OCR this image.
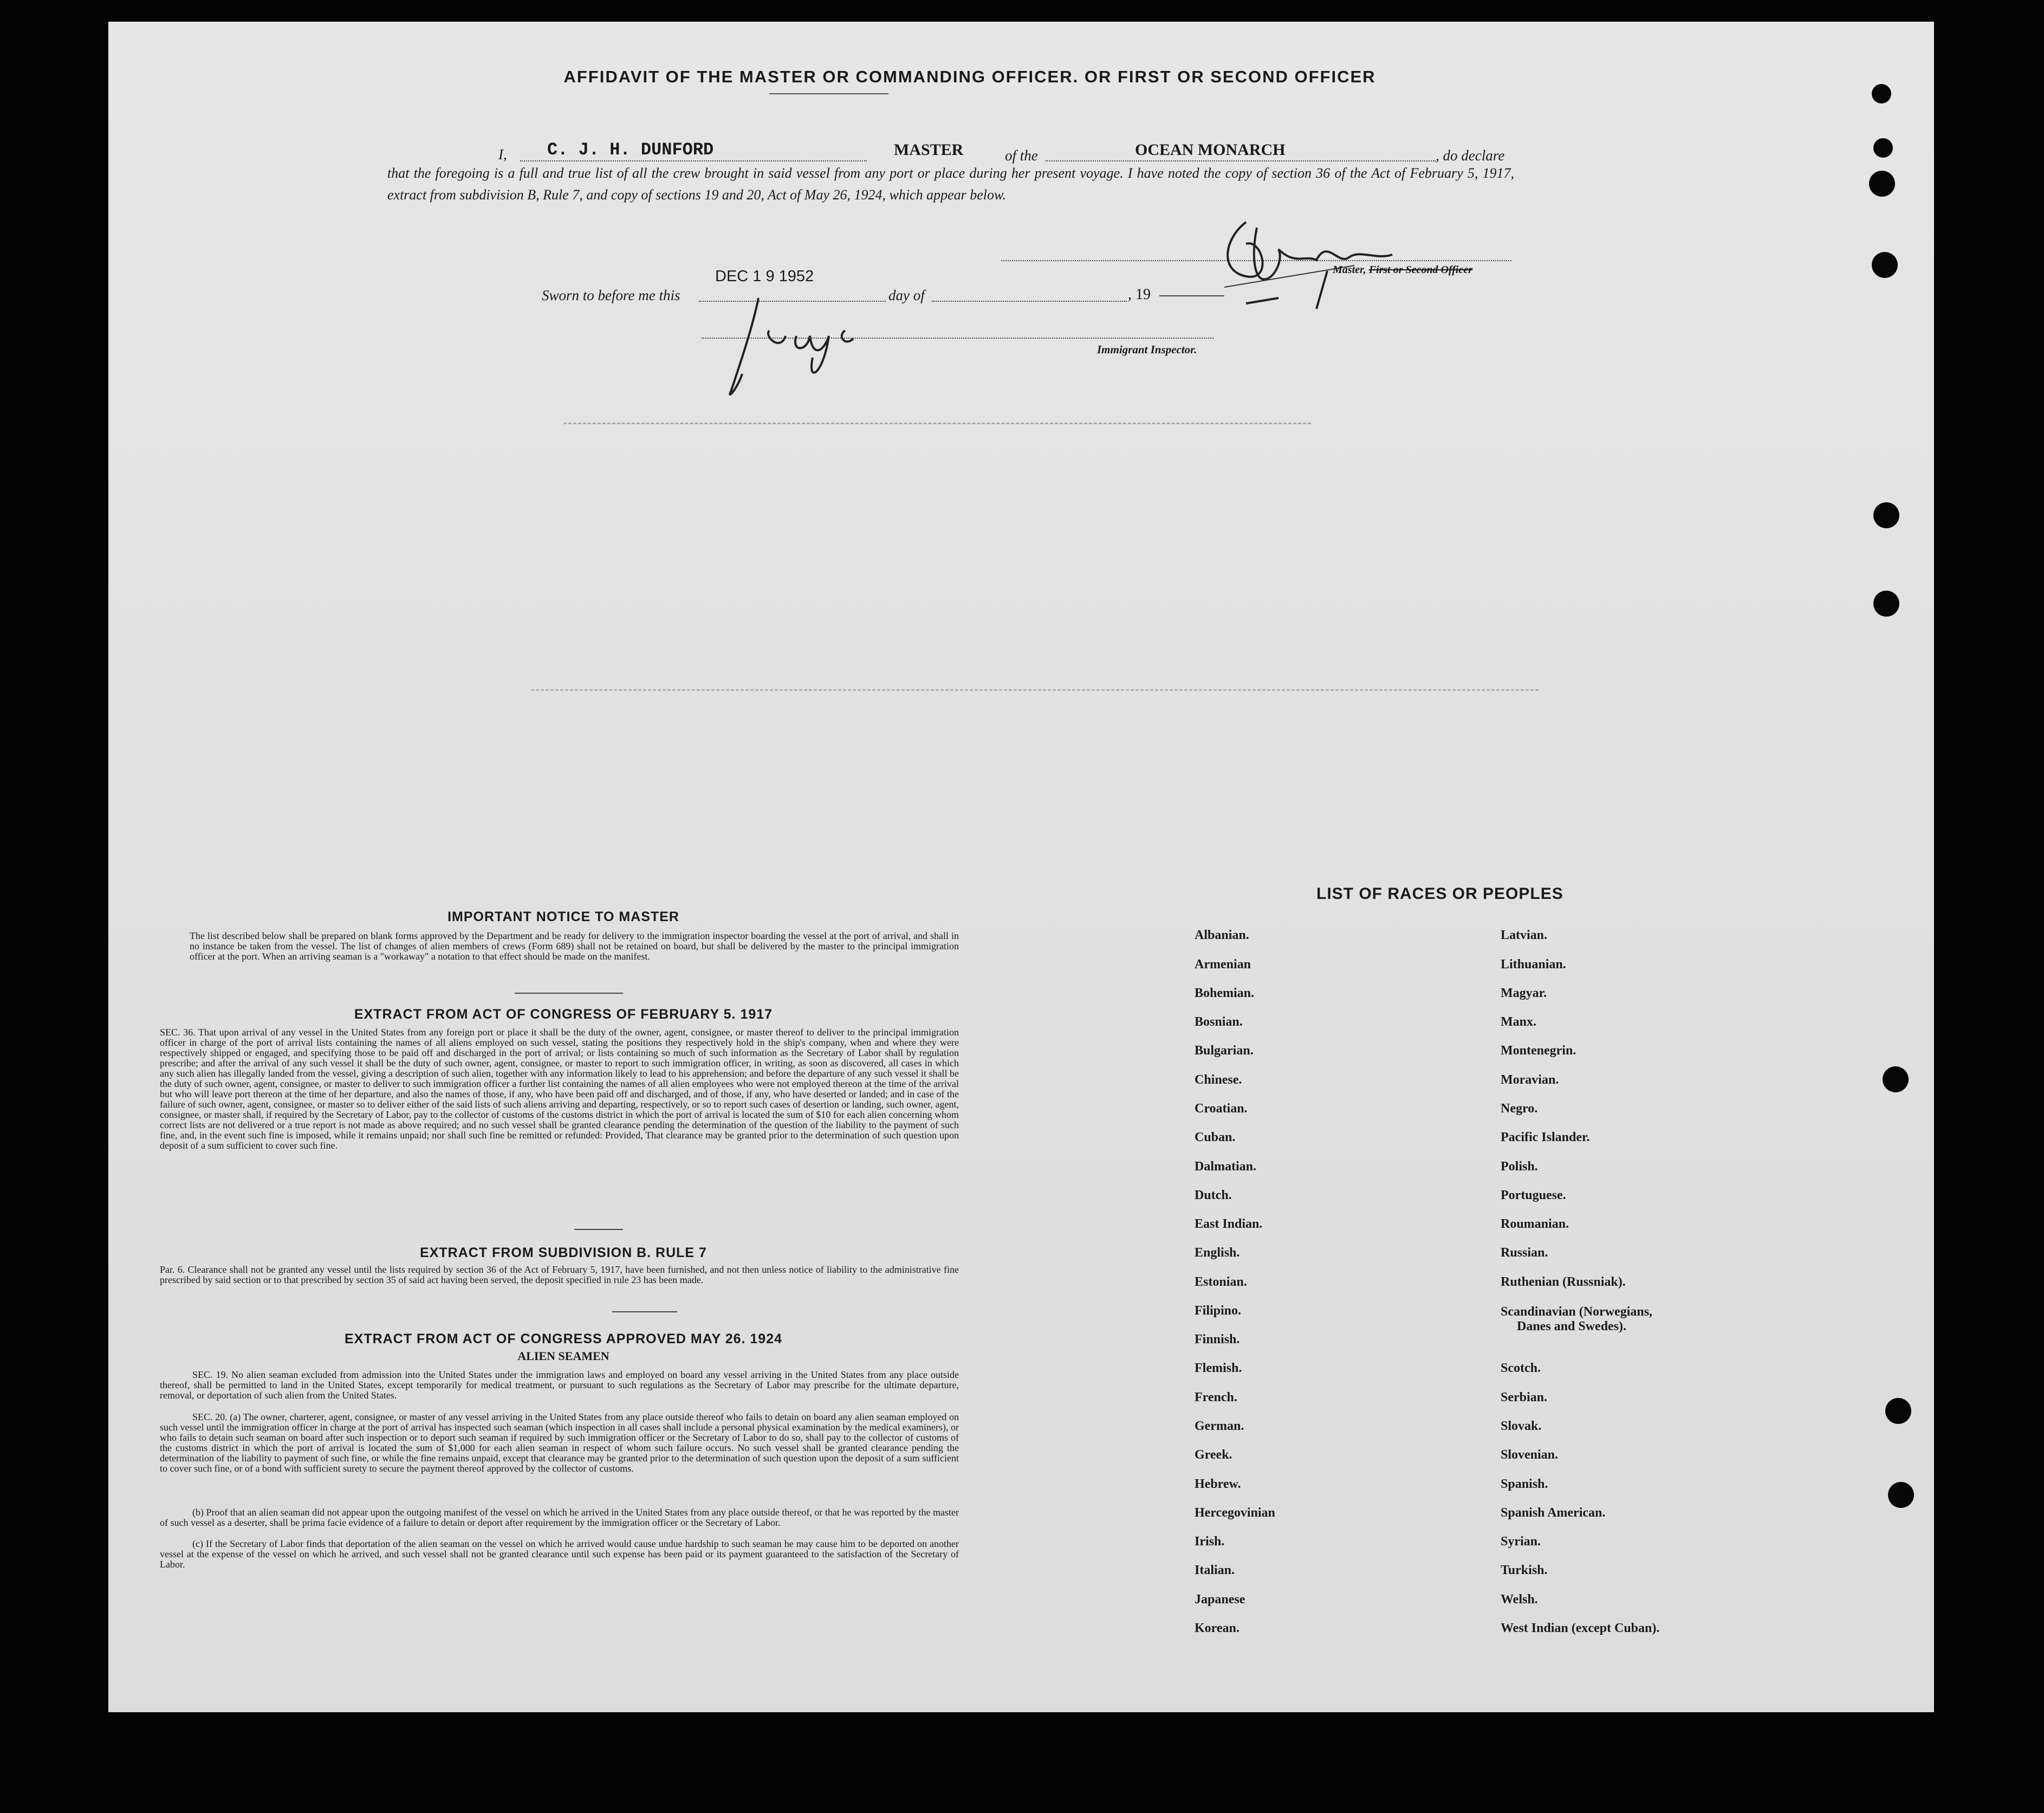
AFFIDAVIT OF THE MASTER OR COMMANDING OFFICER. OR FIRST OR SECOND OFFICER
I, C. J. H. DUNFORD	MASTER	of the	OCEAN MONARCH	, do declare
that the foregoing is a full and true list of all the crew brought in said vessel from any port or place during her present voyage. I have noted the copy of section 36 of the Act of February 5, 1917, extract from subdivision B, Rule 7, and copy of sections 19 and 20, Act of May 26, 1924, which appear below.
Master, First or Second Officer
Sworn to before me this
DEC 1 9 1952
day of	, 19
Immigrant Inspector.
IMPORTANT NOTICE TO MASTER
The list described below shall be prepared on blank forms approved by the Department and be ready for delivery to the immigration inspector boarding the vessel at the port of arrival, and shall in no instance be taken from the vessel. The list of changes of alien members of crews (Form 689) shall not be retained on board, but shall be delivered by the master to the principal immigration officer at the port. When an arriving seaman is a "workaway" a notation to that effect should be made on the manifest.
EXTRACT FROM ACT OF CONGRESS OF FEBRUARY 5. 1917
SEC. 36. That upon arrival of any vessel in the United States from any foreign port or place it shall be the duty of the owner, agent, consignee, or master thereof to deliver to the principal immigration officer in charge of the port of arrival lists containing the names of all aliens employed on such vessel, stating the positions they respectively hold in the ship's company, when and where they were respectively shipped or engaged, and specifying those to be paid off and discharged in the port of arrival; or lists containing so much of such information as the Secretary of Labor shall by regulation prescribe; and after the arrival of any such vessel it shall be the duty of such owner, agent, consignee, or master to report to such immigration officer, in writing, as soon as discovered, all cases in which any such alien has illegally landed from the vessel, giving a description of such alien, together with any information likely to lead to his apprehension; and before the departure of any such vessel it shall be the duty of such owner, agent, consignee, or master to deliver to such immigration officer a further list containing the names of all alien employees who were not employed thereon at the time of the arrival but who will leave port thereon at the time of her departure, and also the names of those, if any, who have been paid off and discharged, and of those, if any, who have deserted or landed; and in case of the failure of such owner, agent, consignee, or master so to deliver either of the said lists of such aliens arriving and departing, respectively, or so to report such cases of desertion or landing, such owner, agent, consignee, or master shall, if required by the Secretary of Labor, pay to the collector of customs of the customs district in which the port of arrival is located the sum of $10 for each alien concerning whom correct lists are not delivered or a true report is not made as above required; and no such vessel shall be granted clearance pending the determination of the question of the liability to the payment of such fine, and, in the event such fine is imposed, while it remains unpaid; nor shall such fine be remitted or refunded: Provided, That clearance may be granted prior to the determination of such question upon deposit of a sum sufficient to cover such fine.
EXTRACT FROM SUBDIVISION B. RULE 7
Par. 6. Clearance shall not be granted any vessel until the lists required by section 36 of the Act of February 5, 1917, have been furnished, and not then unless notice of liability to the administrative fine prescribed by said section or to that prescribed by section 35 of said act having been served, the deposit specified in rule 23 has been made.
EXTRACT FROM ACT OF CONGRESS APPROVED MAY 26. 1924
ALIEN SEAMEN
SEC. 19. No alien seaman excluded from admission into the United States under the immigration laws and employed on board any vessel arriving in the United States from any place outside thereof, shall be permitted to land in the United States, except temporarily for medical treatment, or pursuant to such regulations as the Secretary of Labor may prescribe for the ultimate departure, removal, or deportation of such alien from the United States.
SEC. 20. (a) The owner, charterer, agent, consignee, or master of any vessel arriving in the United States from any place outside thereof who fails to detain on board any alien seaman employed on such vessel until the immigration officer in charge at the port of arrival has inspected such seaman (which inspection in all cases shall include a personal physical examination by the medical examiners), or who fails to detain such seaman on board after such inspection or to deport such seaman if required by such immigration officer or the Secretary of Labor to do so, shall pay to the collector of customs of the customs district in which the port of arrival is located the sum of $1,000 for each alien seaman in respect of whom such failure occurs. No such vessel shall be granted clearance pending the determination of the liability to payment of such fine, or while the fine remains unpaid, except that clearance may be granted prior to the determination of such question upon the deposit of a sum sufficient to cover such fine, or of a bond with sufficient surety to secure the payment thereof approved by the collector of customs.
(b) Proof that an alien seaman did not appear upon the outgoing manifest of the vessel on which he arrived in the United States from any place outside thereof, or that he was reported by the master of such vessel as a deserter, shall be prima facie evidence of a failure to detain or deport after requirement by the immigration officer or the Secretary of Labor.
(c) If the Secretary of Labor finds that deportation of the alien seaman on the vessel on which he arrived would cause undue hardship to such seaman he may cause him to be deported on another vessel at the expense of the vessel on which he arrived, and such vessel shall not be granted clearance until such expense has been paid or its payment guaranteed to the satisfaction of the Secretary of Labor.
LIST OF RACES OR PEOPLES
Albanian.
Armenian
Bohemian.
Bosnian.
Bulgarian.
Chinese.
Croatian.
Cuban.
Dalmatian.
Dutch.
East Indian.
English.
Estonian.
Filipino.
Finnish.
Flemish.
French.
German.
Greek.
Hebrew.
Hercegovinian
Irish.
Italian.
Japanese
Korean.
Latvian.
Lithuanian.
Magyar.
Manx.
Montenegrin.
Moravian.
Negro.
Pacific Islander.
Polish.
Portuguese.
Roumanian.
Russian.
Ruthenian (Russniak).
Scandinavian (Norwegians,
Danes and Swedes).
Scotch.
Serbian.
Slovak.
Slovenian.
Spanish.
Spanish American.
Syrian.
Turkish.
Welsh.
West Indian (except Cuban).
